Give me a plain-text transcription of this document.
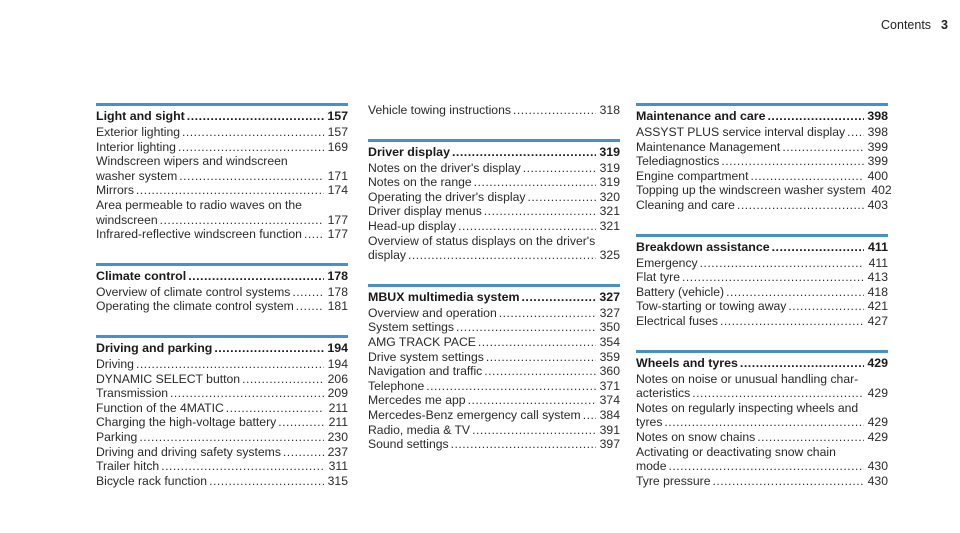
Contents 3
Light and sight .....	157
Exterior lighting .....	157
Interior lighting .....	169
Windscreen wipers and windscreen
washer system .....	171
Mirrors .....	174
Area permeable to radio waves on the
windscreen .....	177
Infrared-reflective windscreen function ..... 177
Climate control .....	178
Overview of climate control systems .....	178
Operating the climate control system .....	181
Driving and parking .....	194
Driving .....	194
DYNAMIC SELECT button .....	206
Transmission .....	209
Function of the 4MATIC .....	211
Charging the high-voltage battery .....	211
Parking .....	230
Driving and driving safety systems .....	237
Trailer hitch .....	311
Bicycle rack function .....	315
Vehicle towing instructions .....	318
Driver display .....	319
Notes on the driver's display .....	319
Notes on the range .....	319
Operating the driver's display .....	320
Driver display menus .....	321
Head-up display .....	321
Overview of status displays on the driver's
display .....	325
MBUX multimedia system .....	327
Overview and operation .....	327
System settings .....	350
AMG TRACK PACE .....	354
Drive system settings .....	359
Navigation and traffic .....	360
Telephone .....	371
Mercedes me app .....	374
Mercedes-Benz emergency call system ..... 384
Radio, media & TV .....	391
Sound settings .....	397
Maintenance and care .....	398
ASSYST PLUS service interval display ..... 398
Maintenance Management .....	399
Telediagnostics .....	399
Engine compartment .....	400
Topping up the windscreen washer system 402
Cleaning and care .....	403
Breakdown assistance .....	411
Emergency .....	411
Flat tyre .....	413
Battery (vehicle) .....	418
Tow-starting or towing away .....	421
Electrical fuses .....	427
Wheels and tyres .....	429
Notes on noise or unusual handling char-
acteristics .....	429
Notes on regularly inspecting wheels and
tyres .....	429
Notes on snow chains .....	429
Activating or deactivating snow chain
mode .....	430
Tyre pressure .....	430
